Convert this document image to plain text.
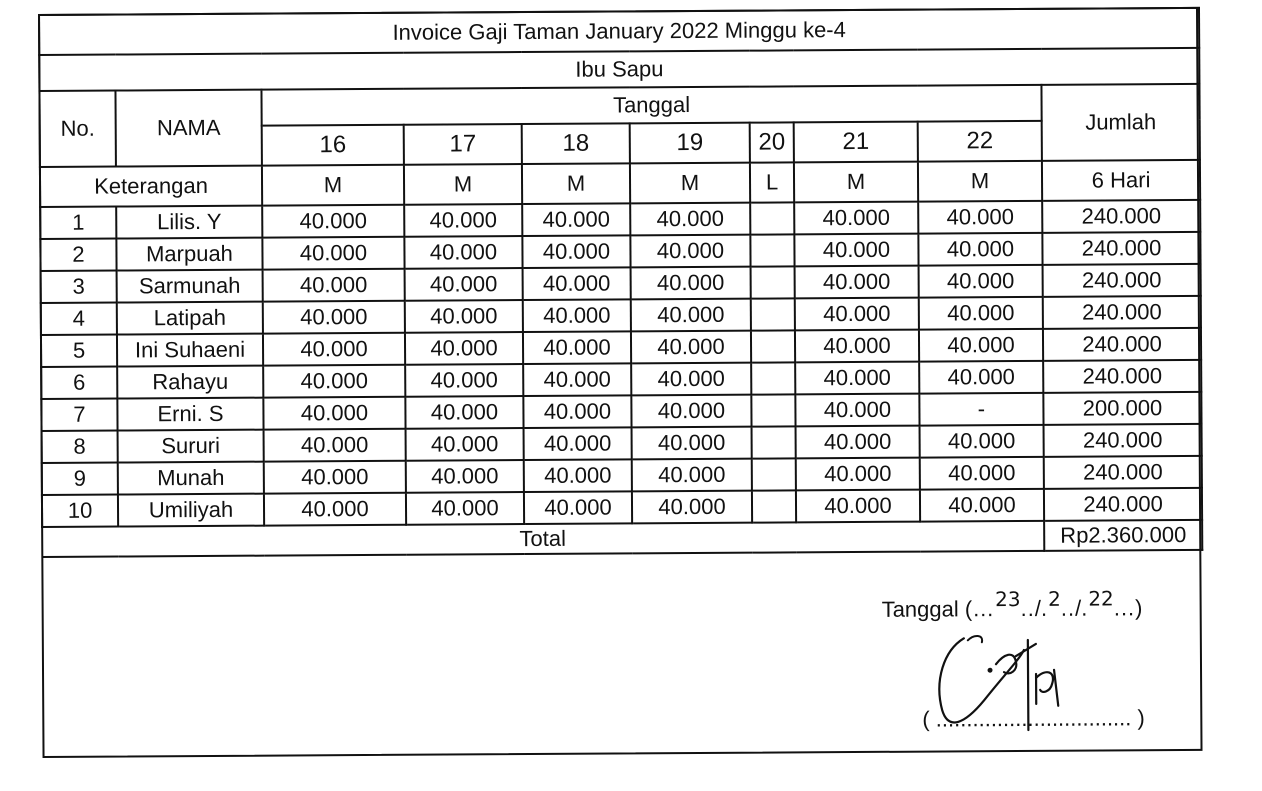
Invoice Gaji Taman January 2022 Minggu ke-4									
Ibu Sapu									
No.	NAMA	Tanggal							Jumlah
		16	17	18	19	20	21	22	
Keterangan		M	M	M	M	L	M	M	6 Hari
1	Lilis. Y	40.000	40.000	40.000	40.000		40.000	40.000	240.000
2	Marpuah	40.000	40.000	40.000	40.000		40.000	40.000	240.000
3	Sarmunah	40.000	40.000	40.000	40.000		40.000	40.000	240.000
4	Latipah	40.000	40.000	40.000	40.000		40.000	40.000	240.000
5	Ini Suhaeni	40.000	40.000	40.000	40.000		40.000	40.000	240.000
6	Rahayu	40.000	40.000	40.000	40.000		40.000	40.000	240.000
7	Erni. S	40.000	40.000	40.000	40.000		40.000	-	200.000
8	Sururi	40.000	40.000	40.000	40.000		40.000	40.000	240.000
9	Munah	40.000	40.000	40.000	40.000		40.000	40.000	240.000
10	Umiliyah	40.000	40.000	40.000	40.000		40.000	40.000	240.000
Total									Rp2.360.000
Tanggal (…23../.2../.22...)
( ................................ )
